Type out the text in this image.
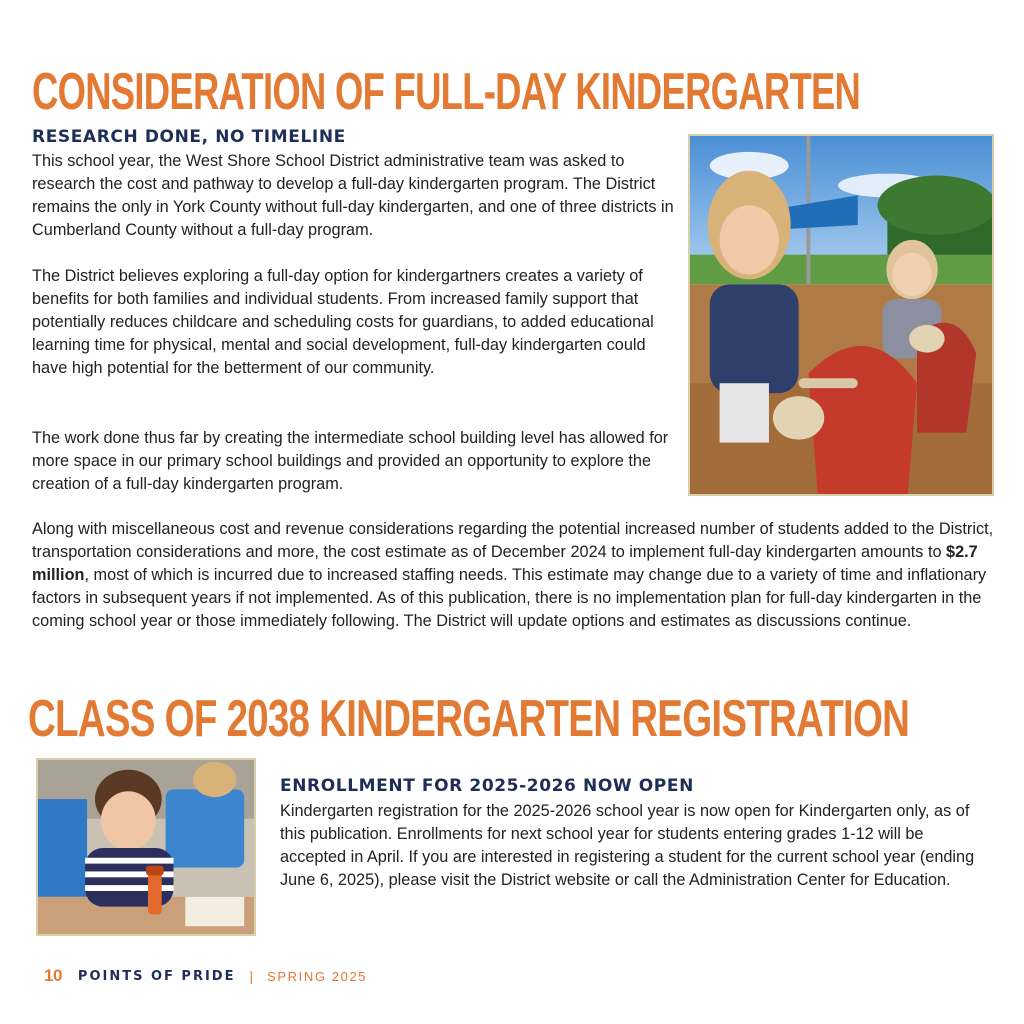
CONSIDERATION OF FULL-DAY KINDERGARTEN
RESEARCH DONE, NO TIMELINE

This school year, the West Shore School District administrative team was asked to research the cost and pathway to develop a full-day kindergarten program. The District remains the only in York County without full-day kindergarten, and one of three districts in Cumberland County without a full-day program.

The District believes exploring a full-day option for kindergartners creates a variety of benefits for both families and individual students. From increased family support that potentially reduces childcare and scheduling costs for guardians, to added educational learning time for physical, mental and social development, full-day kindergarten could have high potential for the betterment of our community.

The work done thus far by creating the intermediate school building level has allowed for more space in our primary school buildings and provided an opportunity to explore the creation of a full-day kindergarten program.

Along with miscellaneous cost and revenue considerations regarding the potential increased number of students added to the District, transportation considerations and more, the cost estimate as of December 2024 to implement full-day kindergarten amounts to $2.7 million, most of which is incurred due to increased staffing needs. This estimate may change due to a variety of time and inflationary factors in subsequent years if not implemented. As of this publication, there is no implementation plan for full-day kindergarten in the coming school year or those immediately following. The District will update options and estimates as discussions continue.

CLASS OF 2038 KINDERGARTEN REGISTRATION
ENROLLMENT FOR 2025-2026 NOW OPEN

Kindergarten registration for the 2025-2026 school year is now open for Kindergarten only, as of this publication. Enrollments for next school year for students entering grades 1-12 will be accepted in April. If you are interested in registering a student for the current school year (ending June 6, 2025), please visit the District website or call the Administration Center for Education.

10 POINTS OF PRIDE | SPRING 2025
